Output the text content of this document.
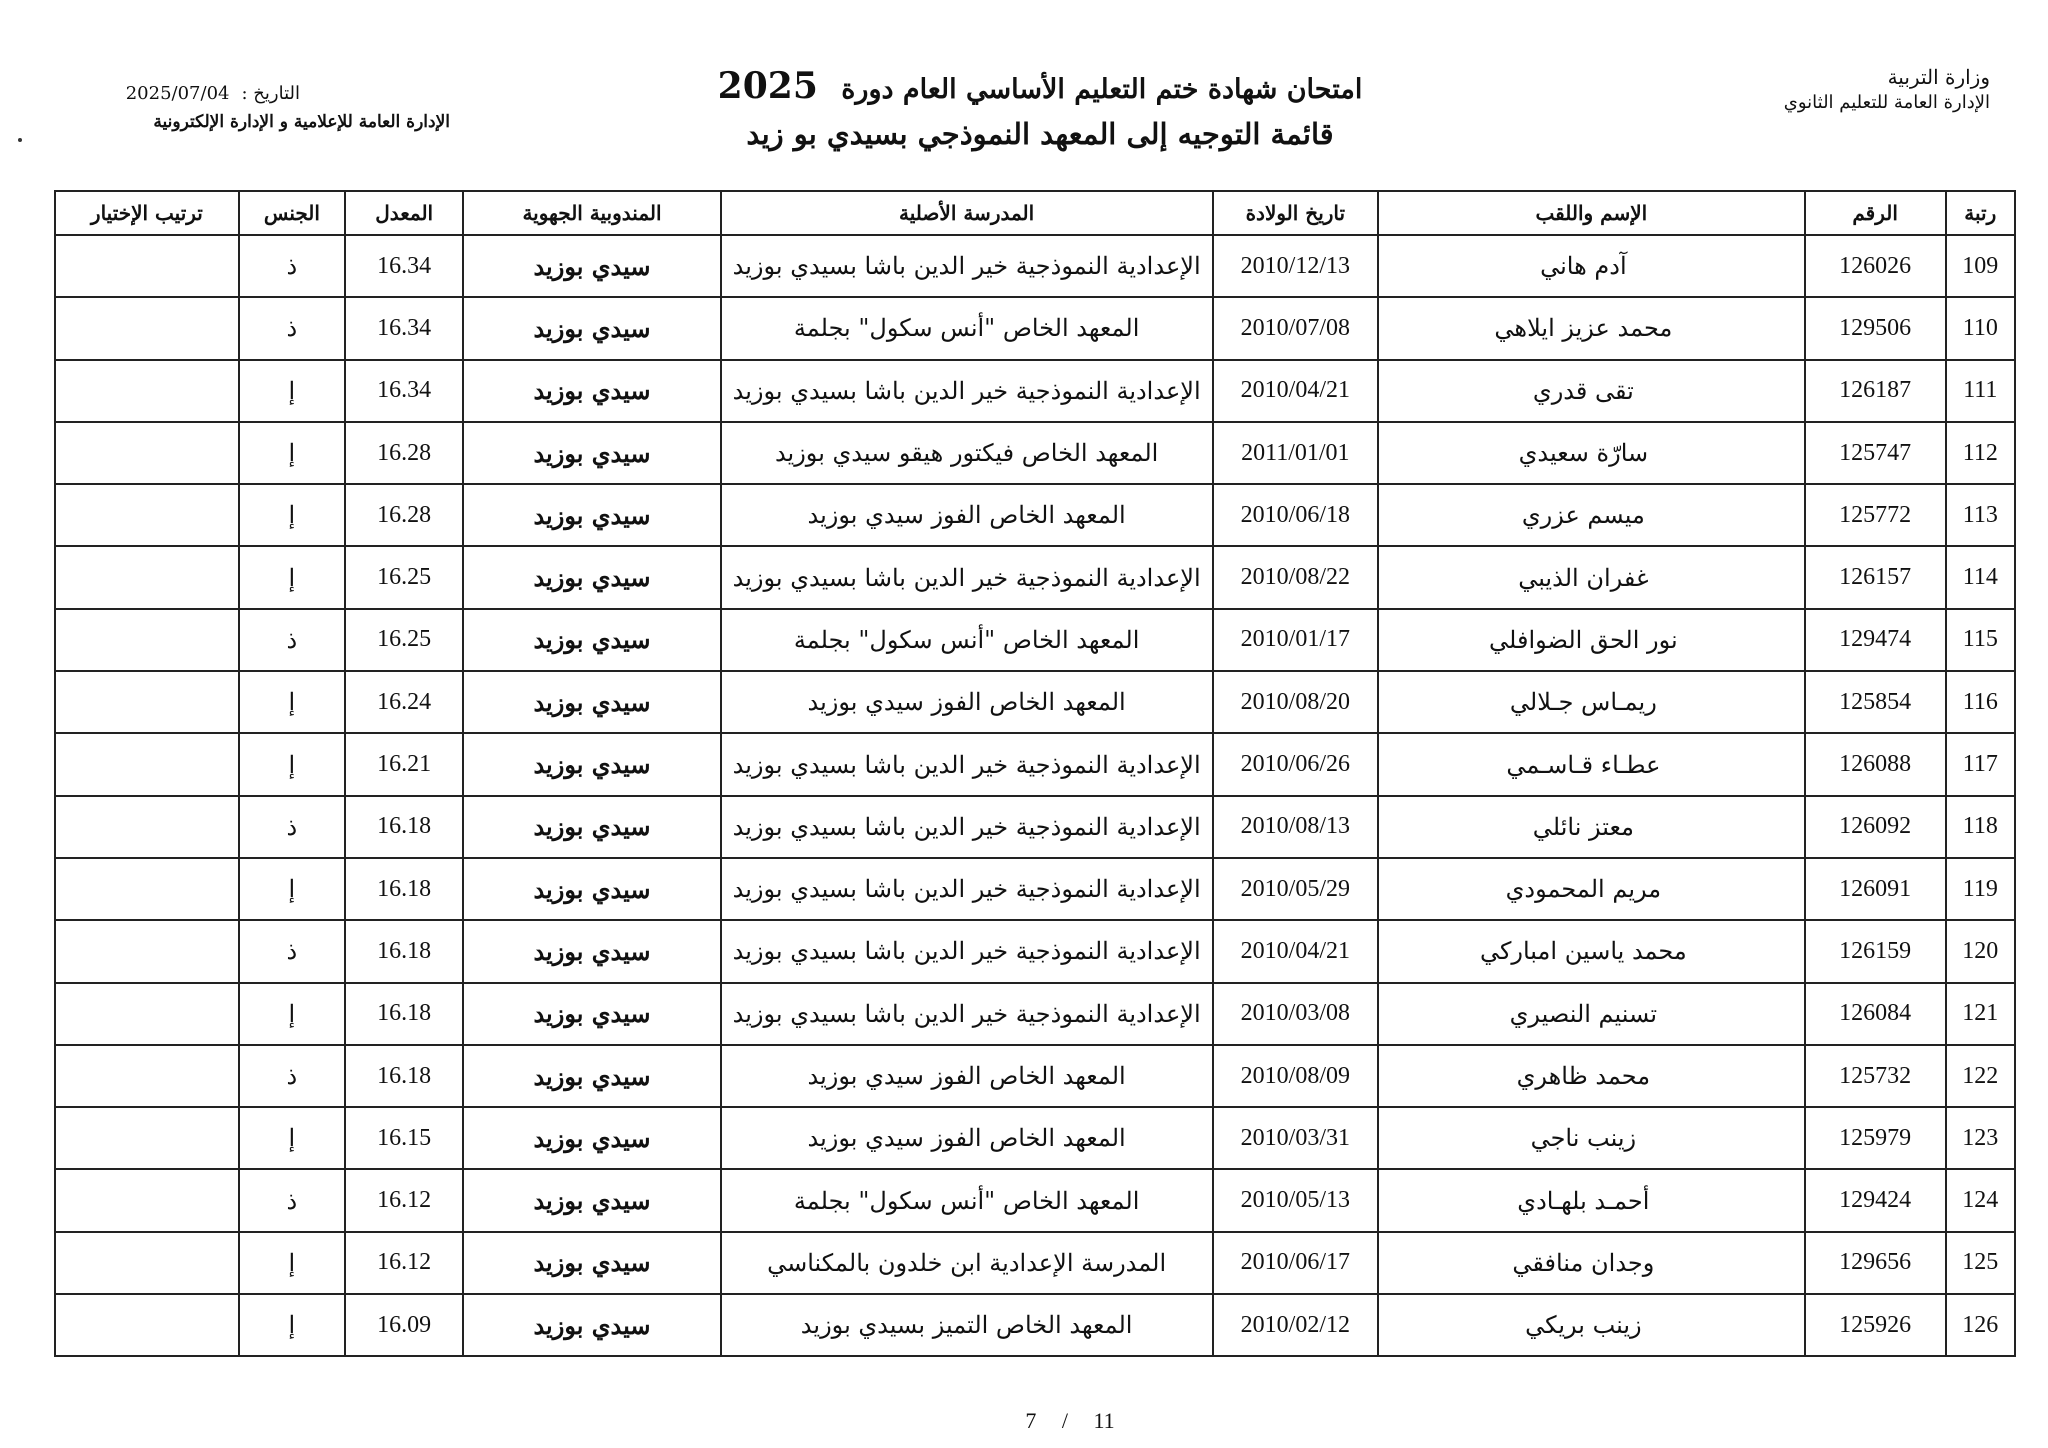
وزارة التربية
الإدارة العامة للتعليم الثانوي
امتحان شهادة ختم التعليم الأساسي العام دورة 2025
قائمة التوجيه إلى المعهد النموذجي بسيدي بو زيد
التاريخ :
2025/07/04
الإدارة العامة للإعلامية و الإدارة الإلكترونية
رتبة	الرقم	الإسم واللقب	تاريخ الولادة	المدرسة الأصلية	المندوبية الجهوية	المعدل	الجنس	ترتيب الإختيار
109	126026	آدم هاني	2010/12/13	الإعدادية النموذجية خير الدين باشا بسيدي بوزيد	سيدي بوزيد	16.34	ذ	
110	129506	محمد عزيز ايلاهي	2010/07/08	المعهد الخاص "أنس سكول" بجلمة	سيدي بوزيد	16.34	ذ	
111	126187	تقى قدري	2010/04/21	الإعدادية النموذجية خير الدين باشا بسيدي بوزيد	سيدي بوزيد	16.34	إ	
112	125747	سارّة سعيدي	2011/01/01	المعهد الخاص فيكتور هيقو سيدي بوزيد	سيدي بوزيد	16.28	إ	
113	125772	ميسم عزري	2010/06/18	المعهد الخاص الفوز سيدي بوزيد	سيدي بوزيد	16.28	إ	
114	126157	غفران الذيبي	2010/08/22	الإعدادية النموذجية خير الدين باشا بسيدي بوزيد	سيدي بوزيد	16.25	إ	
115	129474	نور الحق الضوافلي	2010/01/17	المعهد الخاص "أنس سكول" بجلمة	سيدي بوزيد	16.25	ذ	
116	125854	ريمـاس جـلالي	2010/08/20	المعهد الخاص الفوز سيدي بوزيد	سيدي بوزيد	16.24	إ	
117	126088	عطـاء قـاسـمي	2010/06/26	الإعدادية النموذجية خير الدين باشا بسيدي بوزيد	سيدي بوزيد	16.21	إ	
118	126092	معتز نائلي	2010/08/13	الإعدادية النموذجية خير الدين باشا بسيدي بوزيد	سيدي بوزيد	16.18	ذ	
119	126091	مريم المحمودي	2010/05/29	الإعدادية النموذجية خير الدين باشا بسيدي بوزيد	سيدي بوزيد	16.18	إ	
120	126159	محمد ياسين امباركي	2010/04/21	الإعدادية النموذجية خير الدين باشا بسيدي بوزيد	سيدي بوزيد	16.18	ذ	
121	126084	تسنيم النصيري	2010/03/08	الإعدادية النموذجية خير الدين باشا بسيدي بوزيد	سيدي بوزيد	16.18	إ	
122	125732	محمد ظاهري	2010/08/09	المعهد الخاص الفوز سيدي بوزيد	سيدي بوزيد	16.18	ذ	
123	125979	زينب ناجي	2010/03/31	المعهد الخاص الفوز سيدي بوزيد	سيدي بوزيد	16.15	إ	
124	129424	أحمـد بلهـادي	2010/05/13	المعهد الخاص "أنس سكول" بجلمة	سيدي بوزيد	16.12	ذ	
125	129656	وجدان منافقي	2010/06/17	المدرسة الإعدادية ابن خلدون بالمكناسي	سيدي بوزيد	16.12	إ	
126	125926	زينب بريكي	2010/02/12	المعهد الخاص التميز بسيدي بوزيد	سيدي بوزيد	16.09	إ	
7 / 11
